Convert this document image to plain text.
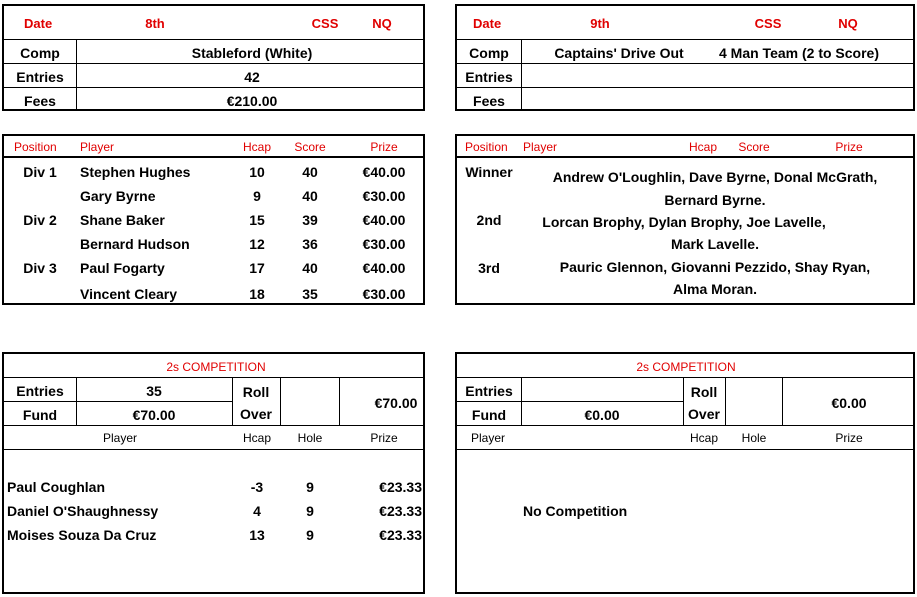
Date	8th	CSS	NQ
Comp	Stableford (White)
Entries	42
Fees	€210.00
Date	9th	CSS	NQ
Comp	Captains' Drive Out	4 Man Team (2 to Score)
Entries
Fees
Position Player	Hcap Score	Prize
Div 1 Stephen Hughes	10	40	€40.00
Gary Byrne	9	40	€30.00
Div 2 Shane Baker	15	39	€40.00
Bernard Hudson	12	36	€30.00
Div 3 Paul Fogarty	17	40	€40.00
Vincent Cleary	18	35	€30.00
Position Player	Hcap Score	Prize
Winner	Andrew O'Loughlin, Dave Byrne, Donal McGrath,
Bernard Byrne.
2nd	Lorcan Brophy, Dylan Brophy, Joe Lavelle,
Mark Lavelle.
3rd	Pauric Glennon, Giovanni Pezzido, Shay Ryan,
Alma Moran.
2s COMPETITION
Entries	35
Fund	€70.00
Roll
Over
€70.00
Player	Hcap Hole	Prize
Paul Coughlan	-3	9	€23.33
Daniel O'Shaughnessy	4	9	€23.33
Moises Souza Da Cruz	13	9	€23.33
2s COMPETITION
Entries
Fund	€0.00
Roll
Over
€0.00
Player	Hcap Hole	Prize
No Competition
